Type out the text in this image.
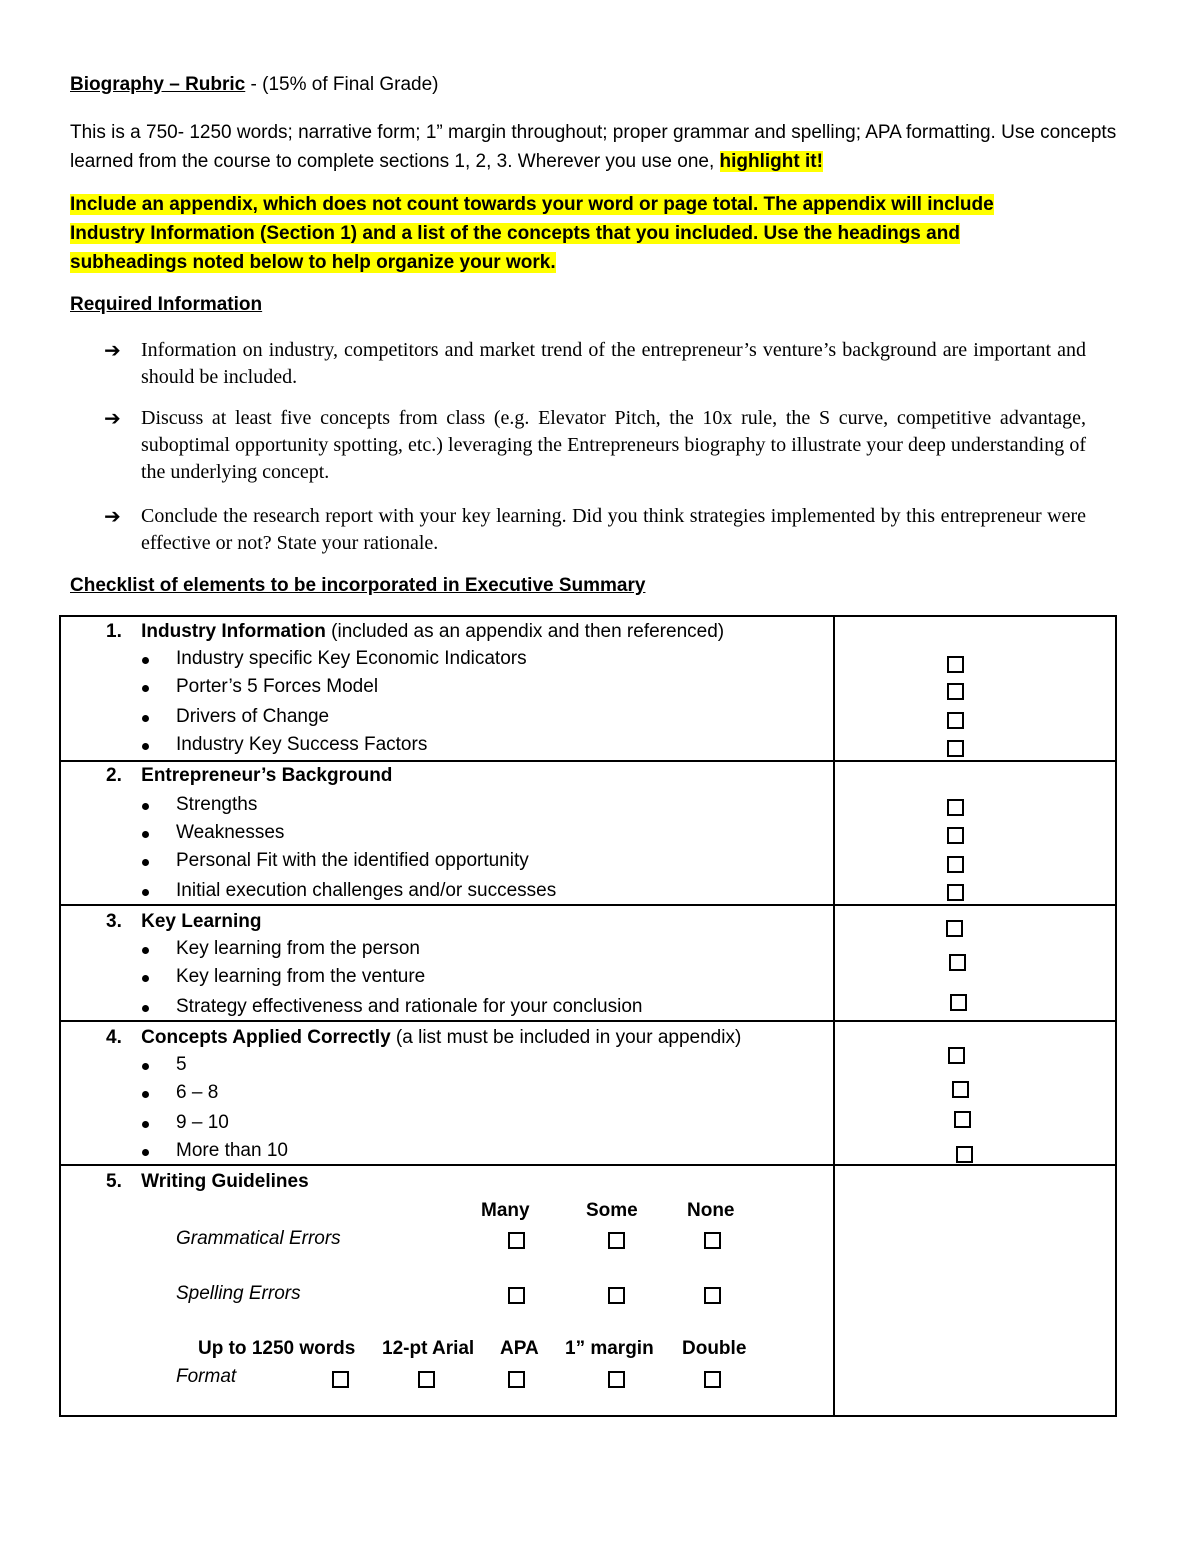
Biography – Rubric - (15% of Final Grade)
This is a 750- 1250 words; narrative form; 1” margin throughout; proper grammar and spelling; APA formatting. Use concepts learned from the course to complete sections 1, 2, 3. Wherever you use one, highlight it!
Include an appendix, which does not count towards your word or page total. The appendix will include Industry Information (Section 1) and a list of the concepts that you included. Use the headings and subheadings noted below to help organize your work.
Required Information
➔ Information on industry, competitors and market trend of the entrepreneur’s venture’s background are important and should be included.
➔ Discuss at least five concepts from class (e.g. Elevator Pitch, the 10x rule, the S curve, competitive advantage, suboptimal opportunity spotting, etc.) leveraging the Entrepreneurs biography to illustrate your deep understanding of the underlying concept.
➔ Conclude the research report with your key learning. Did you think strategies implemented by this entrepreneur were effective or not? State your rationale.
Checklist of elements to be incorporated in Executive Summary
1. Industry Information (included as an appendix and then referenced)
Industry specific Key Economic Indicators
Porter’s 5 Forces Model
Drivers of Change
Industry Key Success Factors
2. Entrepreneur’s Background
Strengths
Weaknesses
Personal Fit with the identified opportunity
Initial execution challenges and/or successes
3. Key Learning
Key learning from the person
Key learning from the venture
Strategy effectiveness and rationale for your conclusion
4. Concepts Applied Correctly (a list must be included in your appendix)
5
6 – 8
9 – 10
More than 10
5. Writing Guidelines
Many	Some	None
Grammatical Errors
Spelling Errors
Up to 1250 words 12-pt Arial APA 1” margin Double
Format
